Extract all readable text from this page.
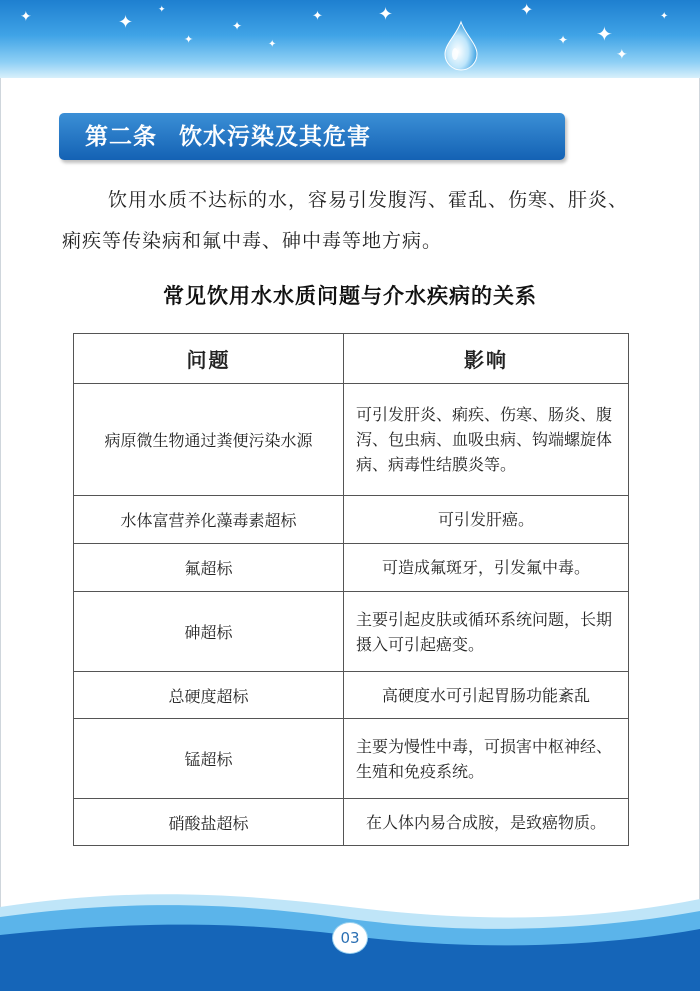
✦	✦
✦
✦
✦
✦
✦	✦	✦
✦ ✦
✦
✦
第二条 饮水污染及其危害
饮用水质不达标的水，容易引发腹泻、霍乱、伤寒、肝炎、痢疾等传染病和氟中毒、砷中毒等地方病。
常见饮用水水质问题与介水疾病的关系
问题	影响
病原微生物通过粪便污染水源	可引发肝炎、痢疾、伤寒、肠炎、腹泻、包虫病、血吸虫病、钩端螺旋体病、病毒性结膜炎等。
水体富营养化藻毒素超标	可引发肝癌。
氟超标	可造成氟斑牙，引发氟中毒。
砷超标	主要引起皮肤或循环系统问题，长期摄入可引起癌变。
总硬度超标	高硬度水可引起胃肠功能紊乱
锰超标	主要为慢性中毒，可损害中枢神经、生殖和免疫系统。
硝酸盐超标	在人体内易合成胺，是致癌物质。
03
